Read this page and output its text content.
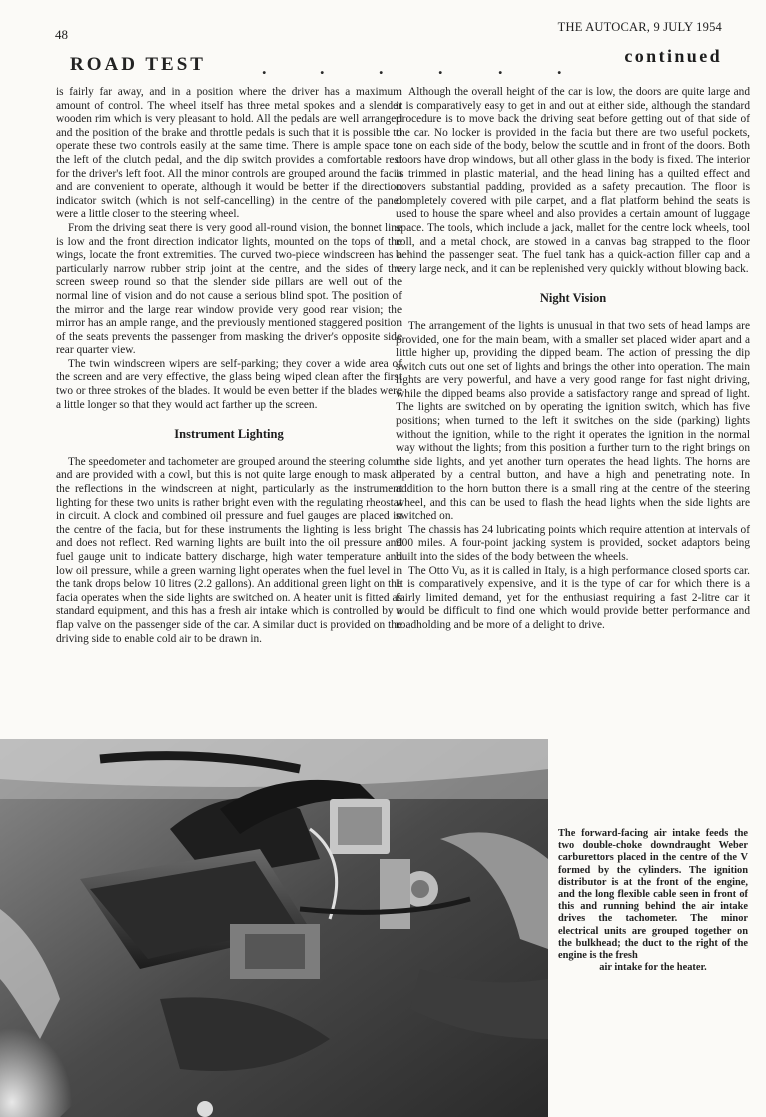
48	THE AUTOCAR, 9 JULY 1954
ROAD TEST	.	.	.	.	.	.
continued

is fairly far away, and in a position where the driver has a maximum amount of control. The wheel itself has three metal spokes and a slender wooden rim which is very pleasant to hold. All the pedals are well arranged and the position of the brake and throttle pedals is such that it is possible to operate these two controls easily at the same time. There is ample space to the left of the clutch pedal, and the dip switch provides a comfortable rest for the driver's left foot. All the minor controls are grouped around the facia and are convenient to operate, although it would be better if the direction indicator switch (which is not self-cancelling) in the centre of the panel were a little closer to the steering wheel.

From the driving seat there is very good all-round vision, the bonnet line is low and the front direction indicator lights, mounted on the tops of the wings, locate the front extremities. The curved two-piece windscreen has a particularly narrow rubber strip joint at the centre, and the sides of the screen sweep round so that the slender side pillars are well out of the normal line of vision and do not cause a serious blind spot. The position of the mirror and the large rear window provide very good rear vision; the mirror has an ample range, and the previously mentioned staggered position of the seats prevents the passenger from masking the driver's opposite side rear quarter view.

The twin windscreen wipers are self-parking; they cover a wide area of the screen and are very effective, the glass being wiped clean after the first two or three strokes of the blades. It would be even better if the blades were a little longer so that they would act farther up the screen.

Instrument Lighting

The speedometer and tachometer are grouped around the steering column and are provided with a cowl, but this is not quite large enough to mask all the reflections in the windscreen at night, particularly as the instrument lighting for these two units is rather bright even with the regulating rheostat in circuit. A clock and combined oil pressure and fuel gauges are placed in the centre of the facia, but for these instruments the lighting is less bright and does not reflect. Red warning lights are built into the oil pressure and fuel gauge unit to indicate battery discharge, high water temperature and low oil pressure, while a green warning light operates when the fuel level in the tank drops below 10 litres (2.2 gallons). An additional green light on the facia operates when the side lights are switched on. A heater unit is fitted as standard equipment, and this has a fresh air intake which is controlled by a flap valve on the passenger side of the car. A similar duct is provided on the driving side to enable cold air to be drawn in.

Although the overall height of the car is low, the doors are quite large and it is comparatively easy to get in and out at either side, although the standard procedure is to move back the driving seat before getting out of that side of the car. No locker is provided in the facia but there are two useful pockets, one on each side of the body, below the scuttle and in front of the doors. Both doors have drop windows, but all other glass in the body is fixed. The interior is trimmed in plastic material, and the head lining has a quilted effect and covers substantial padding, provided as a safety precaution. The floor is completely covered with pile carpet, and a flat platform behind the seats is used to house the spare wheel and also provides a certain amount of luggage space. The tools, which include a jack, mallet for the centre lock wheels, tool roll, and a metal chock, are stowed in a canvas bag strapped to the floor behind the passenger seat. The fuel tank has a quick-action filler cap and a very large neck, and it can be replenished very quickly without blowing back.

Night Vision

The arrangement of the lights is unusual in that two sets of head lamps are provided, one for the main beam, with a smaller set placed wider apart and a little higher up, providing the dipped beam. The action of pressing the dip switch cuts out one set of lights and brings the other into operation. The main lights are very powerful, and have a very good range for fast night driving, while the dipped beams also provide a satisfactory range and spread of light. The lights are switched on by operating the ignition switch, which has five positions; when turned to the left it switches on the side (parking) lights without the ignition, while to the right it operates the ignition in the normal way without the lights; from this position a further turn to the right brings on the side lights, and yet another turn operates the head lights. The horns are operated by a central button, and have a high and penetrating note. In addition to the horn button there is a small ring at the centre of the steering wheel, and this can be used to flash the head lights when the side lights are switched on.

The chassis has 24 lubricating points which require attention at intervals of 900 miles. A four-point jacking system is provided, socket adaptors being built into the sides of the body between the wheels.

The Otto Vu, as it is called in Italy, is a high performance closed sports car. It is comparatively expensive, and it is the type of car for which there is a fairly limited demand, yet for the enthusiast requiring a fast 2-litre car it would be difficult to find one which would provide better performance and roadholding and be more of a delight to drive.

The forward-facing air intake feeds the two double-choke downdraught Weber carburettors placed in the centre of the V formed by the cylinders. The ignition distributor is at the front of the engine, and the long flexible cable seen in front of this and running behind the air intake drives the tachometer. The minor electrical units are grouped together on the bulkhead; the duct to the right of the engine is the fresh
air intake for the heater.
